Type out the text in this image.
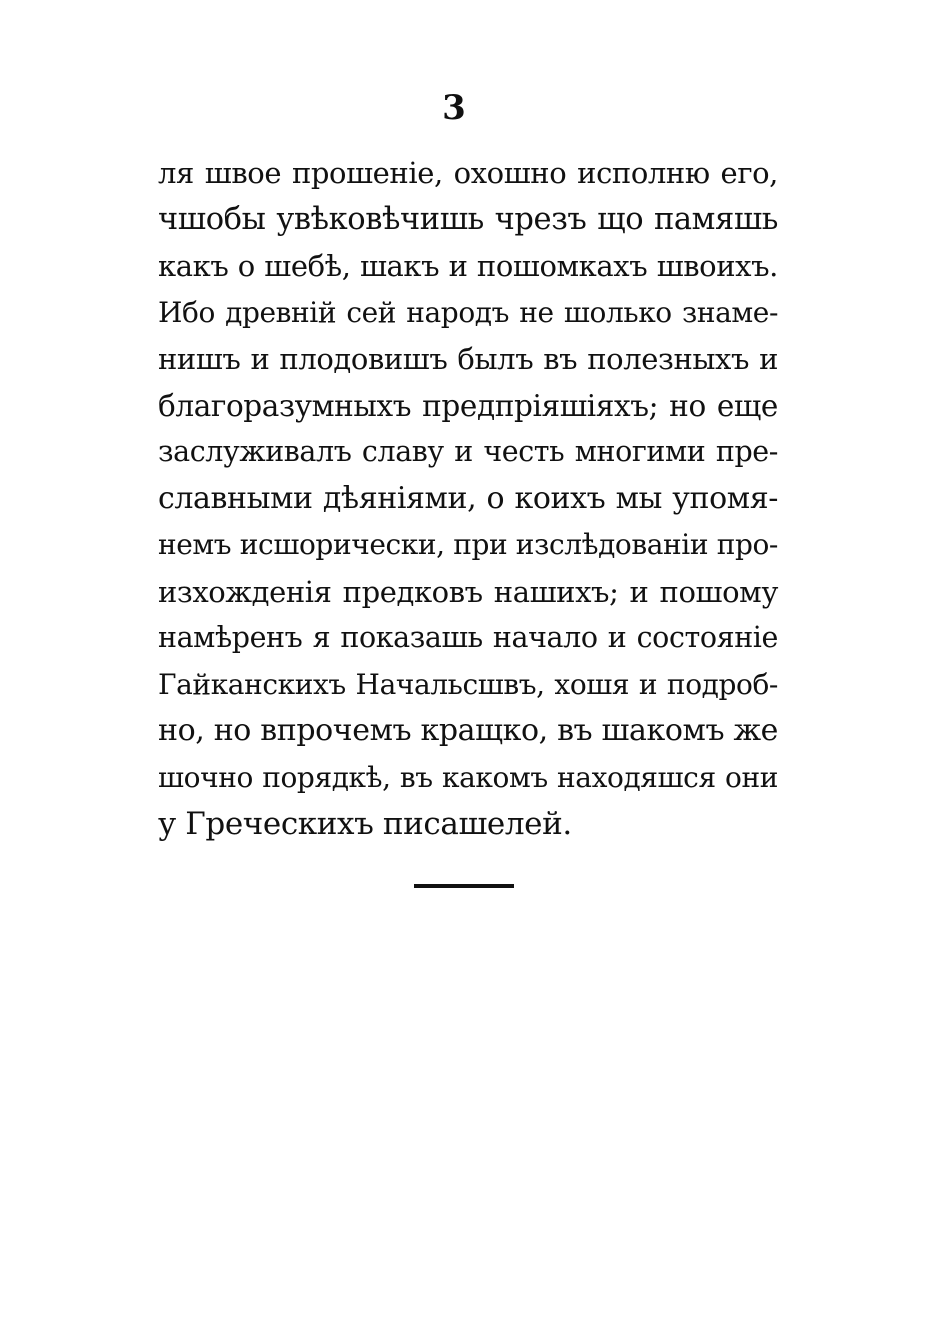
3
ля швое прошеніе, охошно исполню его,
чшобы увѣковѣчишь чрезъ що памяшь
какъ о шебѣ, шакъ и пошомкахъ швоихъ.
Ибо древній сей народъ не шолько знаме-
нишъ и плодовишъ былъ въ полезныхъ и
благоразумныхъ предпріяшіяхъ; но еще
заслуживалъ славу и честь многими пре-
славными дѣяніями, о коихъ мы упомя-
немъ исшорически, при изслѣдованіи про-
изхожденія предковъ нашихъ; и пошому
намѣренъ я показашь начало и состояніе
Гайканскихъ Начальсшвъ, хошя и подроб-
но, но впрочемъ кращко, въ шакомъ же
шочно порядкѣ, въ какомъ находяшся они
у Греческихъ писашелей.
